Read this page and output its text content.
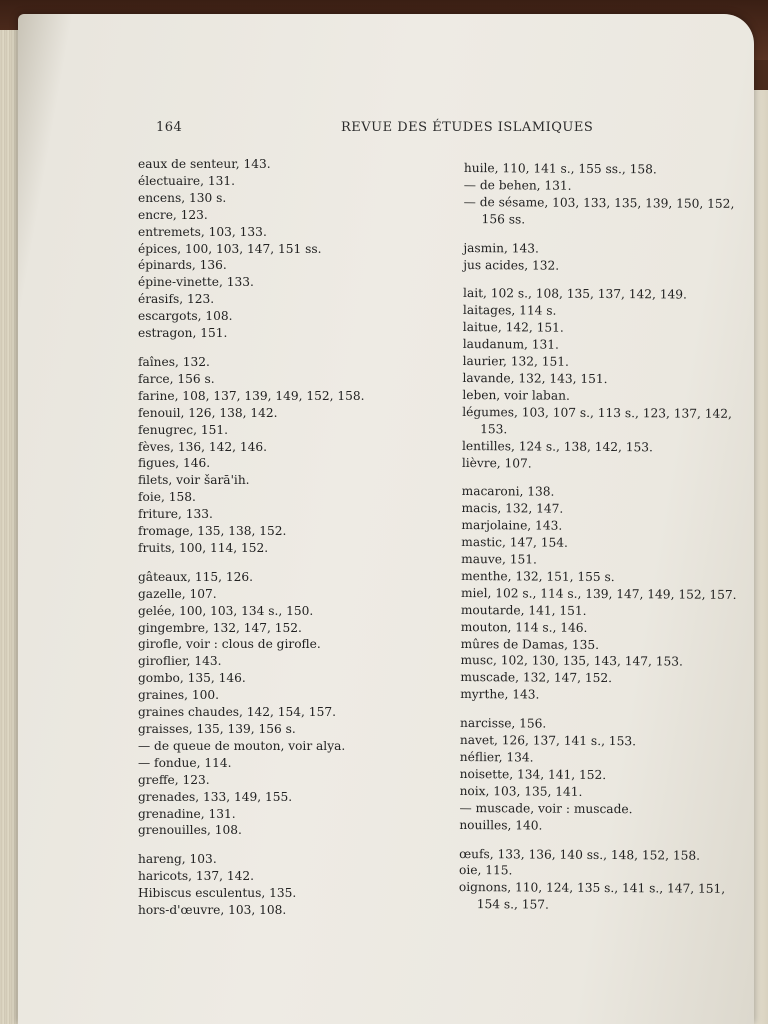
164	REVUE DES ÉTUDES ISLAMIQUES
eaux de senteur, 143.
électuaire, 131.
encens, 130 s.
encre, 123.
entremets, 103, 133.
épices, 100, 103, 147, 151 ss.
épinards, 136.
épine-vinette, 133.
érasifs, 123.
escargots, 108.
estragon, 151.
faînes, 132.
farce, 156 s.
farine, 108, 137, 139, 149, 152, 158.
fenouil, 126, 138, 142.
fenugrec, 151.
fèves, 136, 142, 146.
figues, 146.
filets, voir šarā'ih.
foie, 158.
friture, 133.
fromage, 135, 138, 152.
fruits, 100, 114, 152.
gâteaux, 115, 126.
gazelle, 107.
gelée, 100, 103, 134 s., 150.
gingembre, 132, 147, 152.
girofle, voir : clous de girofle.
giroflier, 143.
gombo, 135, 146.
graines, 100.
graines chaudes, 142, 154, 157.
graisses, 135, 139, 156 s.
— de queue de mouton, voir alya.
— fondue, 114.
greffe, 123.
grenades, 133, 149, 155.
grenadine, 131.
grenouilles, 108.
hareng, 103.
haricots, 137, 142.
Hibiscus esculentus, 135.
hors-d'œuvre, 103, 108.
huile, 110, 141 s., 155 ss., 158.
— de behen, 131.
— de sésame, 103, 133, 135, 139, 150, 152,
156 ss.
jasmin, 143.
jus acides, 132.
lait, 102 s., 108, 135, 137, 142, 149.
laitages, 114 s.
laitue, 142, 151.
laudanum, 131.
laurier, 132, 151.
lavande, 132, 143, 151.
leben, voir laban.
légumes, 103, 107 s., 113 s., 123, 137, 142,
153.
lentilles, 124 s., 138, 142, 153.
lièvre, 107.
macaroni, 138.
macis, 132, 147.
marjolaine, 143.
mastic, 147, 154.
mauve, 151.
menthe, 132, 151, 155 s.
miel, 102 s., 114 s., 139, 147, 149, 152, 157.
moutarde, 141, 151.
mouton, 114 s., 146.
mûres de Damas, 135.
musc, 102, 130, 135, 143, 147, 153.
muscade, 132, 147, 152.
myrthe, 143.
narcisse, 156.
navet, 126, 137, 141 s., 153.
néflier, 134.
noisette, 134, 141, 152.
noix, 103, 135, 141.
— muscade, voir : muscade.
nouilles, 140.
œufs, 133, 136, 140 ss., 148, 152, 158.
oie, 115.
oignons, 110, 124, 135 s., 141 s., 147, 151,
154 s., 157.
